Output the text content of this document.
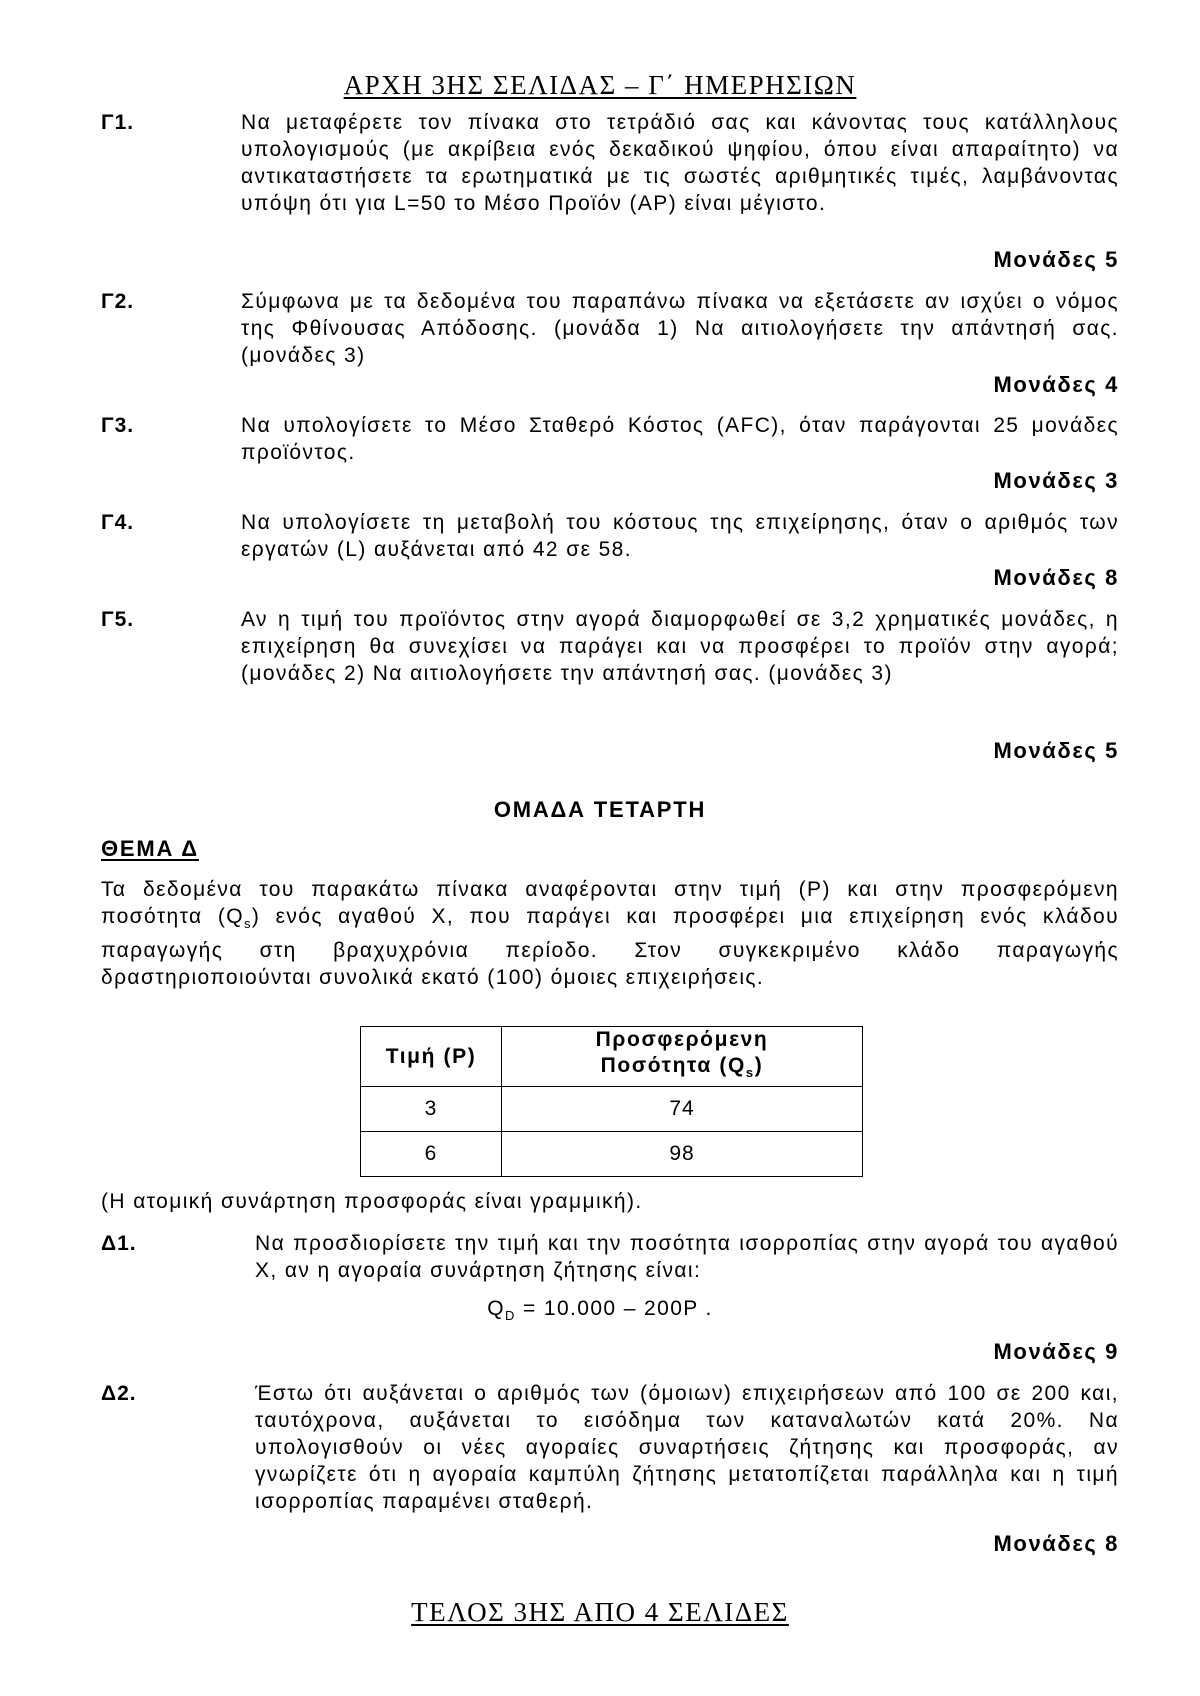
ΑΡΧΗ 3ΗΣ ΣΕΛΙΔΑΣ – Γ΄ ΗΜΕΡΗΣΙΩΝ
Γ1.	Να μεταφέρετε τον πίνακα στο τετράδιό σας και κάνοντας τους κατάλληλους υπολογισμούς (με ακρίβεια ενός δεκαδικού ψηφίου, όπου είναι απαραίτητο) να αντικαταστήσετε τα ερωτηματικά με τις σωστές αριθμητικές τιμές, λαμβάνοντας υπόψη ότι για L=50 το Μέσο Προϊόν (AP) είναι μέγιστο.
Μονάδες 5
Γ2.	Σύμφωνα με τα δεδομένα του παραπάνω πίνακα να εξετάσετε αν ισχύει ο νόμος της Φθίνουσας Απόδοσης. (μονάδα 1) Να αιτιολογήσετε την απάντησή σας. (μονάδες 3)
Μονάδες 4
Γ3.	Να υπολογίσετε το Μέσο Σταθερό Κόστος (AFC), όταν παράγονται 25 μονάδες προϊόντος.
Μονάδες 3
Γ4.	Να υπολογίσετε τη μεταβολή του κόστους της επιχείρησης, όταν ο αριθμός των εργατών (L) αυξάνεται από 42 σε 58.
Μονάδες 8
Γ5.	Αν η τιμή του προϊόντος στην αγορά διαμορφωθεί σε 3,2 χρηματικές μονάδες, η επιχείρηση θα συνεχίσει να παράγει και να προσφέρει το προϊόν στην αγορά; (μονάδες 2) Να αιτιολογήσετε την απάντησή σας. (μονάδες 3)
Μονάδες 5
ΟΜΑΔΑ ΤΕΤΑΡΤΗ
ΘΕΜΑ Δ
Τα δεδομένα του παρακάτω πίνακα αναφέρονται στην τιμή (P) και στην προσφερόμενη ποσότητα $(Q_s)$ ενός αγαθού Χ, που παράγει και προσφέρει μια επιχείρηση ενός κλάδου παραγωγής στη βραχυχρόνια περίοδο. Στον συγκεκριμένο κλάδο παραγωγής δραστηριοποιούνται συνολικά εκατό (100) όμοιες επιχειρήσεις.
Τιμή (P)	Προσφερόμενη
Ποσότητα $(Q_s)$
3	74
6	98
(Η ατομική συνάρτηση προσφοράς είναι γραμμική).
Δ1.	Να προσδιορίσετε την τιμή και την ποσότητα ισορροπίας στην αγορά του αγαθού Χ, αν η αγοραία συνάρτηση ζήτησης είναι:
$Q_D = 10.000 - 200P$ .
Μονάδες 9
Δ2.	Έστω ότι αυξάνεται ο αριθμός των (όμοιων) επιχειρήσεων από 100 σε 200 και, ταυτόχρονα, αυξάνεται το εισόδημα των καταναλωτών κατά 20%. Να υπολογισθούν οι νέες αγοραίες συναρτήσεις ζήτησης και προσφοράς, αν γνωρίζετε ότι η αγοραία καμπύλη ζήτησης μετατοπίζεται παράλληλα και η τιμή ισορροπίας παραμένει σταθερή.
Μονάδες 8
ΤΕΛΟΣ 3ΗΣ ΑΠΟ 4 ΣΕΛΙΔΕΣ
